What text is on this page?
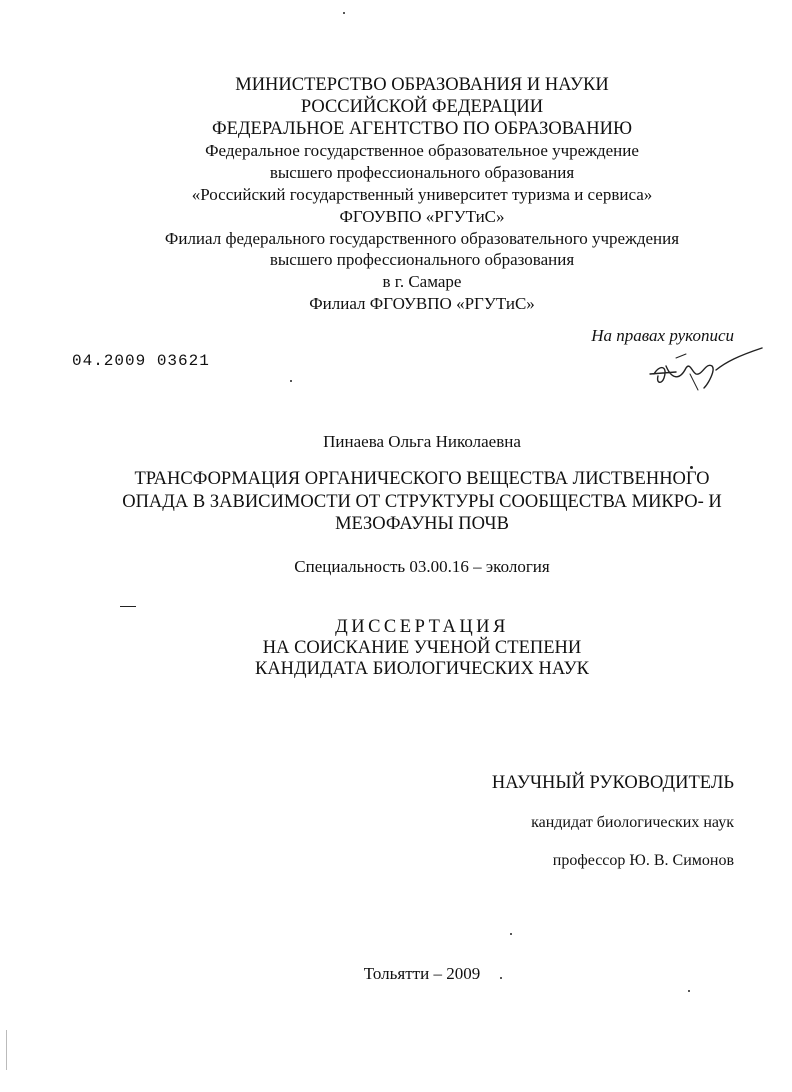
МИНИСТЕРСТВО ОБРАЗОВАНИЯ И НАУКИ
РОССИЙСКОЙ ФЕДЕРАЦИИ
ФЕДЕРАЛЬНОЕ АГЕНТСТВО ПО ОБРАЗОВАНИЮ
Федеральное государственное образовательное учреждение
высшего профессионального образования
«Российский государственный университет туризма и сервиса»
ФГОУВПО «РГУТиС»
Филиал федерального государственного образовательного учреждения
высшего профессионального образования
в г. Самаре
Филиал ФГОУВПО «РГУТиС»
На правах рукописи
04.2009 03621
Пинаева Ольга Николаевна
ТРАНСФОРМАЦИЯ ОРГАНИЧЕСКОГО ВЕЩЕСТВА ЛИСТВЕННОГО
ОПАДА В ЗАВИСИМОСТИ ОТ СТРУКТУРЫ СООБЩЕСТВА МИКРО- И
МЕЗОФАУНЫ ПОЧВ
Специальность 03.00.16 – экология
ДИССЕРТАЦИЯ
НА СОИСКАНИЕ УЧЕНОЙ СТЕПЕНИ
КАНДИДАТА БИОЛОГИЧЕСКИХ НАУК
НАУЧНЫЙ РУКОВОДИТЕЛЬ
кандидат биологических наук
профессор Ю. В. Симонов
Тольятти – 2009
